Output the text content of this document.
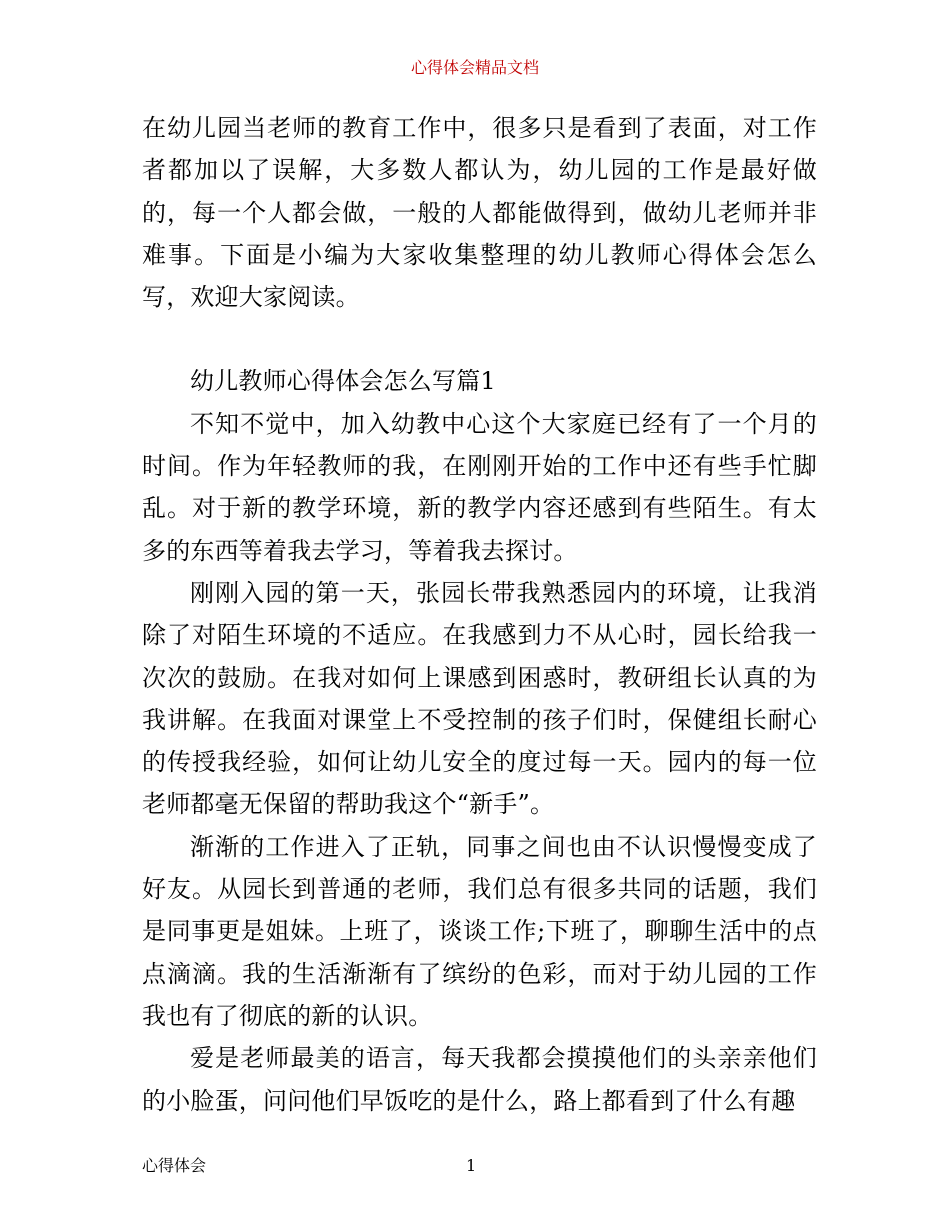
心得体会精品文档

在幼儿园当老师的教育工作中，很多只是看到了表面，对工作者都加以了误解，大多数人都认为，幼儿园的工作是最好做的，每一个人都会做，一般的人都能做得到，做幼儿老师并非难事。下面是小编为大家收集整理的幼儿教师心得体会怎么写，欢迎大家阅读。

幼儿教师心得体会怎么写篇1

不知不觉中，加入幼教中心这个大家庭已经有了一个月的时间。作为年轻教师的我，在刚刚开始的工作中还有些手忙脚乱。对于新的教学环境，新的教学内容还感到有些陌生。有太多的东西等着我去学习，等着我去探讨。

刚刚入园的第一天，张园长带我熟悉园内的环境，让我消除了对陌生环境的不适应。在我感到力不从心时，园长给我一次次的鼓励。在我对如何上课感到困惑时，教研组长认真的为我讲解。在我面对课堂上不受控制的孩子们时，保健组长耐心的传授我经验，如何让幼儿安全的度过每一天。园内的每一位老师都毫无保留的帮助我这个“新手”。

渐渐的工作进入了正轨，同事之间也由不认识慢慢变成了好友。从园长到普通的老师，我们总有很多共同的话题，我们是同事更是姐妹。上班了，谈谈工作;下班了，聊聊生活中的点点滴滴。我的生活渐渐有了缤纷的色彩，而对于幼儿园的工作我也有了彻底的新的认识。

爱是老师最美的语言，每天我都会摸摸他们的头亲亲他们的小脸蛋，问问他们早饭吃的是什么，路上都看到了什么有趣

心得体会	1
